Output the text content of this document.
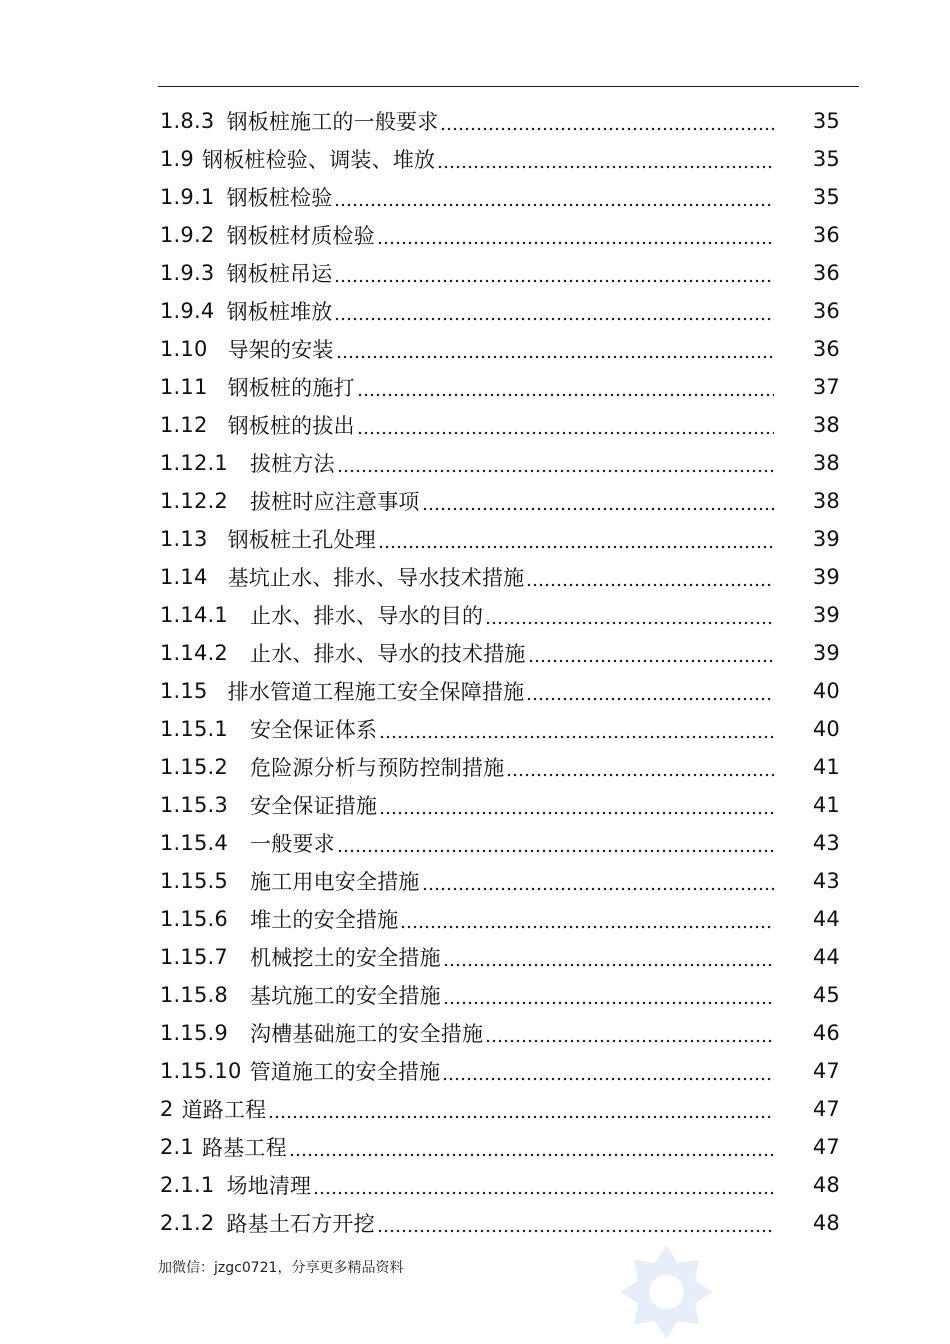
1.8.3 钢板桩施工的一般要求	35
1.9 钢板桩检验、调装、堆放	35
1.9.1 钢板桩检验	35
1.9.2 钢板桩材质检验	36
1.9.3 钢板桩吊运	36
1.9.4 钢板桩堆放	36
1.10 导架的安装	36
1.11 钢板桩的施打	37
1.12 钢板桩的拔出	38
1.12.1 拔桩方法	38
1.12.2 拔桩时应注意事项	38
1.13 钢板桩土孔处理	39
1.14 基坑止水、排水、导水技术措施	39
1.14.1 止水、排水、导水的目的	39
1.14.2 止水、排水、导水的技术措施	39
1.15 排水管道工程施工安全保障措施	40
1.15.1 安全保证体系	40
1.15.2 危险源分析与预防控制措施	41
1.15.3 安全保证措施	41
1.15.4 一般要求	43
1.15.5 施工用电安全措施	43
1.15.6 堆土的安全措施	44
1.15.7 机械挖土的安全措施	44
1.15.8 基坑施工的安全措施	45
1.15.9 沟槽基础施工的安全措施	46
1.15.10 管道施工的安全措施	47
2 道路工程	47
2.1 路基工程	47
2.1.1 场地清理	48
2.1.2 路基土石方开挖	48
加微信：jzgc0721，分享更多精品资料
